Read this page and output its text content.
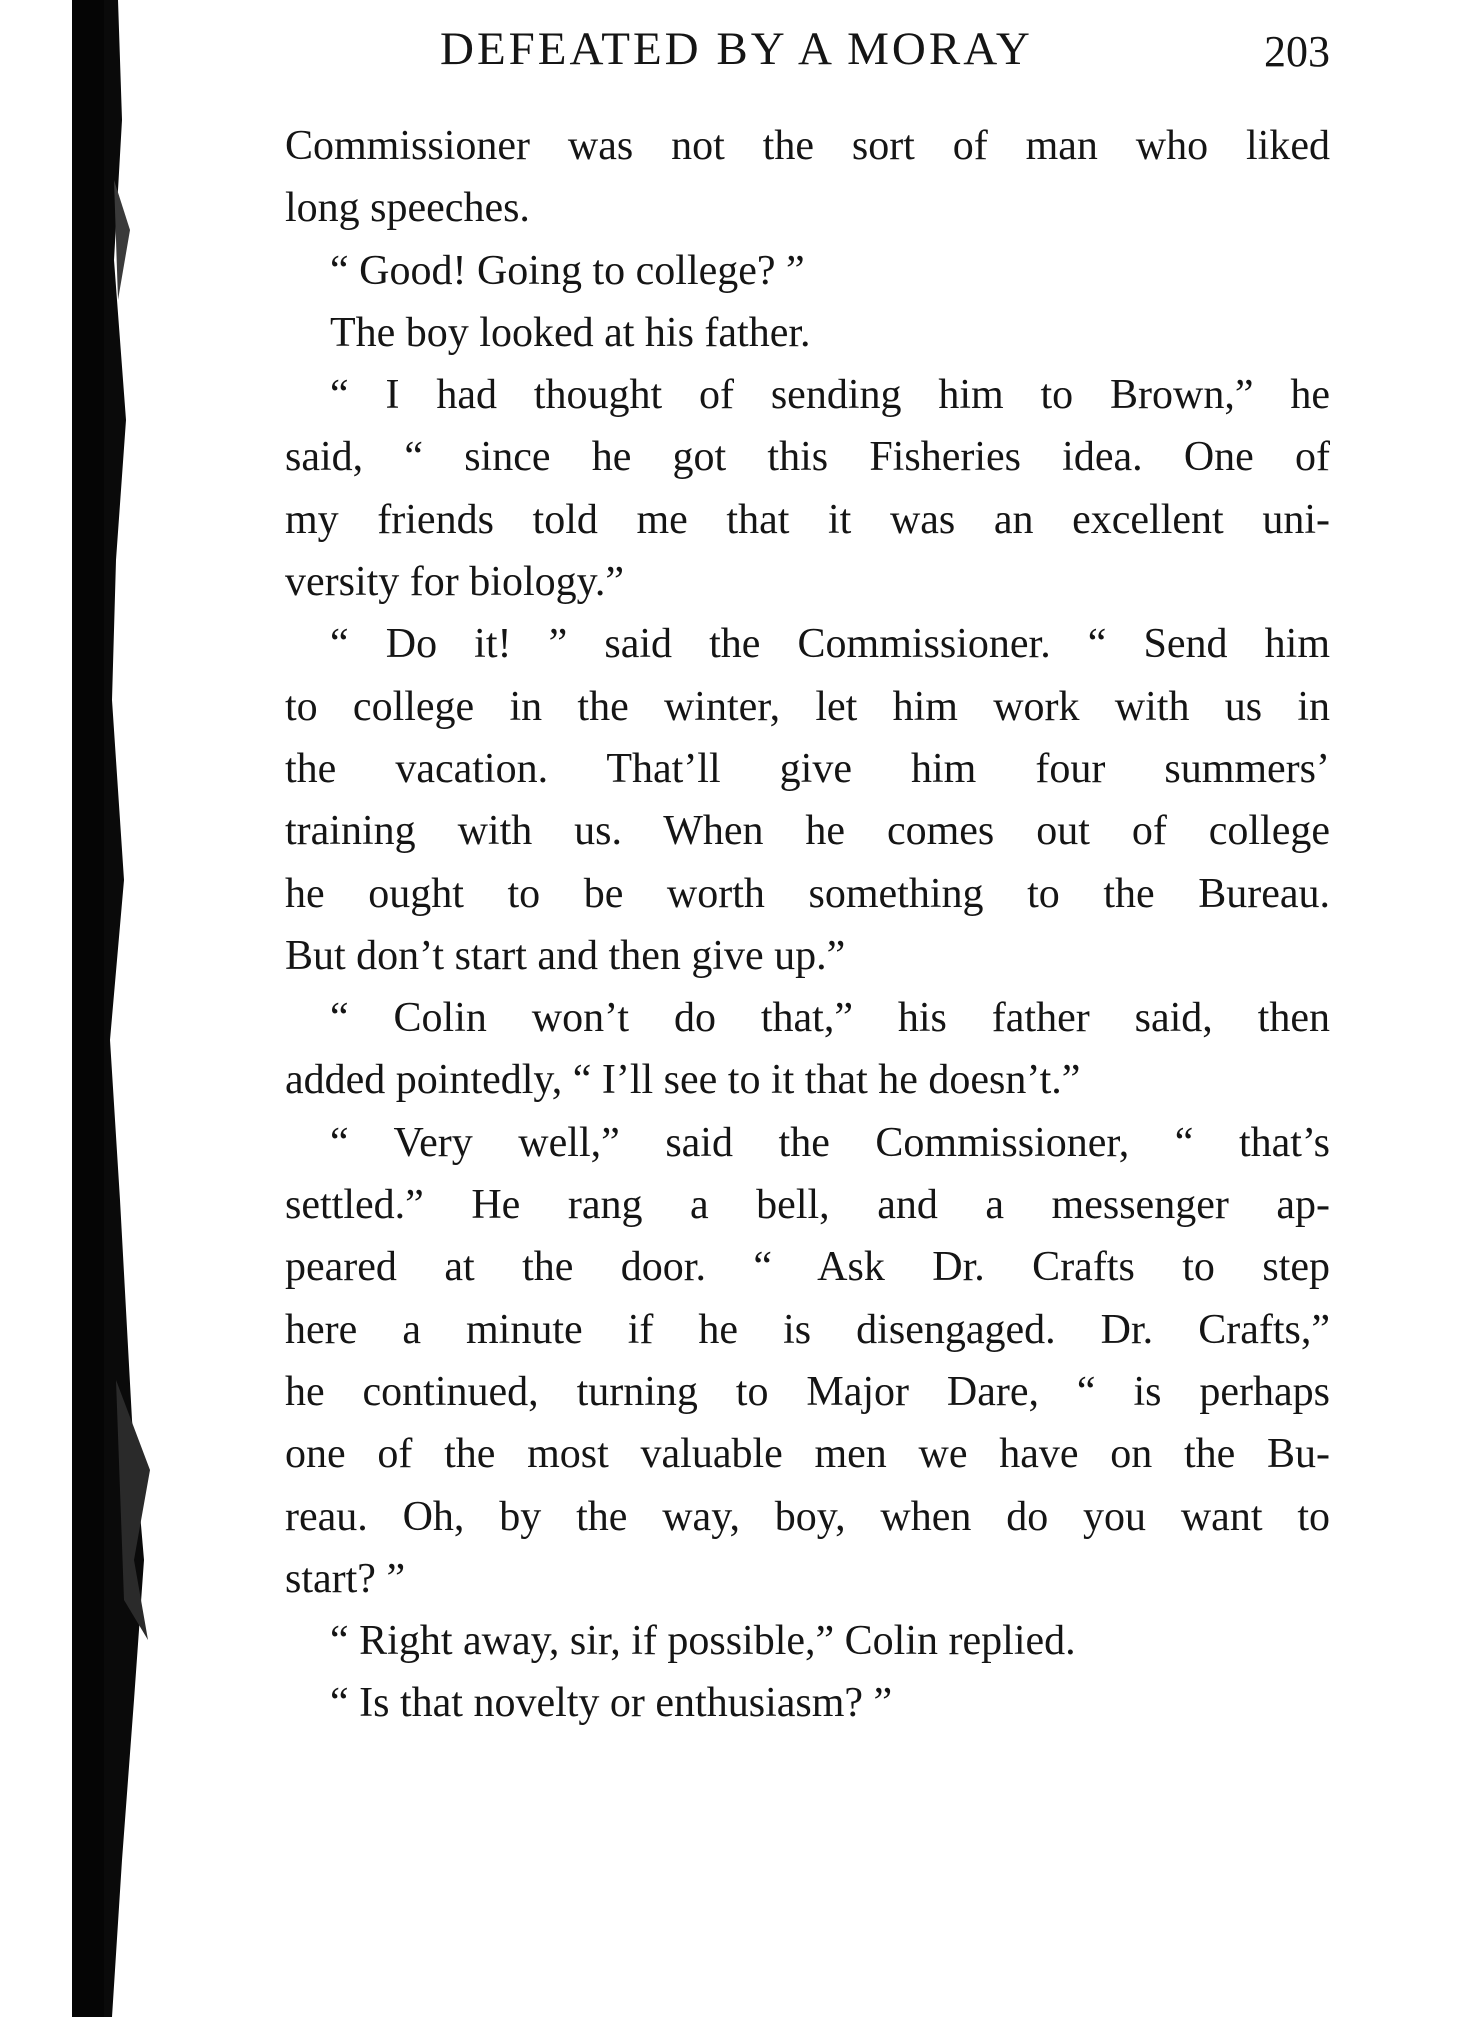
DEFEATED BY A MORAY	203
Commissioner was not the sort of man who liked
long speeches.
“ Good! Going to college? ”
The boy looked at his father.
“ I had thought of sending him to Brown,” he
said, “ since he got this Fisheries idea. One of
my friends told me that it was an excellent uni-
versity for biology.”
“ Do it! ” said the Commissioner. “ Send him
to college in the winter, let him work with us in
the vacation. That’ll give him four summers’
training with us. When he comes out of college
he ought to be worth something to the Bureau.
But don’t start and then give up.”
“ Colin won’t do that,” his father said, then
added pointedly, “ I’ll see to it that he doesn’t.”
“ Very well,” said the Commissioner, “ that’s
settled.” He rang a bell, and a messenger ap-
peared at the door. “ Ask Dr. Crafts to step
here a minute if he is disengaged. Dr. Crafts,”
he continued, turning to Major Dare, “ is perhaps
one of the most valuable men we have on the Bu-
reau. Oh, by the way, boy, when do you want to
start? ”
“ Right away, sir, if possible,” Colin replied.
“ Is that novelty or enthusiasm? ”
